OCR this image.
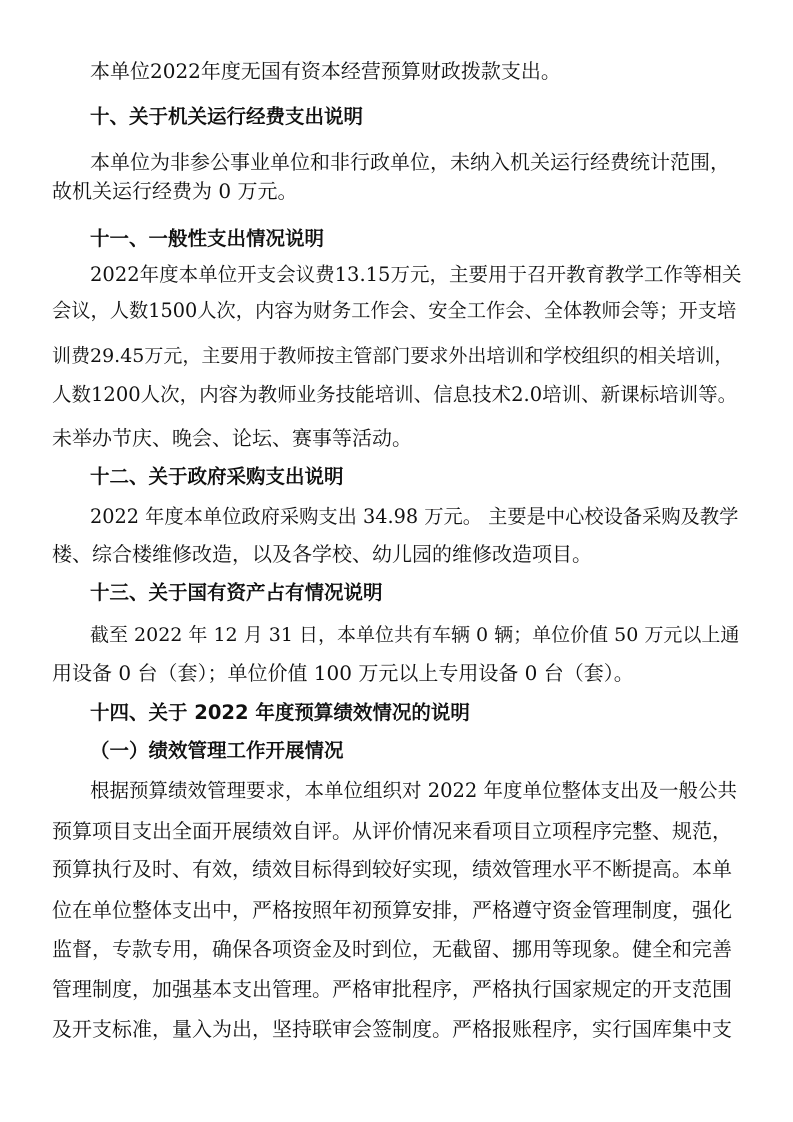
本单位2022年度无国有资本经营预算财政拨款支出。
十、关于机关运行经费支出说明
本单位为非参公事业单位和非行政单位，未纳入机关运行经费统计范围，
故机关运行经费为 0 万元。
十一、一般性支出情况说明
2022年度本单位开支会议费13.15万元，主要用于召开教育教学工作等相关
会议，人数1500人次，内容为财务工作会、安全工作会、全体教师会等；开支培
训费29.45万元，主要用于教师按主管部门要求外出培训和学校组织的相关培训，
人数1200人次，内容为教师业务技能培训、信息技术2.0培训、新课标培训等。
未举办节庆、晚会、论坛、赛事等活动。
十二、关于政府采购支出说明
2022 年度本单位政府采购支出 34.98 万元。 主要是中心校设备采购及教学
楼、综合楼维修改造，以及各学校、幼儿园的维修改造项目。
十三、关于国有资产占有情况说明
截至 2022 年 12 月 31 日，本单位共有车辆 0 辆；单位价值 50 万元以上通
用设备 0 台（套）；单位价值 100 万元以上专用设备 0 台（套）。
十四、关于 2022 年度预算绩效情况的说明
（一）绩效管理工作开展情况
根据预算绩效管理要求，本单位组织对 2022 年度单位整体支出及一般公共
预算项目支出全面开展绩效自评。从评价情况来看项目立项程序完整、规范，
预算执行及时、有效，绩效目标得到较好实现，绩效管理水平不断提高。本单
位在单位整体支出中，严格按照年初预算安排，严格遵守资金管理制度，强化
监督，专款专用，确保各项资金及时到位，无截留、挪用等现象。健全和完善
管理制度，加强基本支出管理。严格审批程序，严格执行国家规定的开支范围
及开支标准，量入为出，坚持联审会签制度。严格报账程序，实行国库集中支
